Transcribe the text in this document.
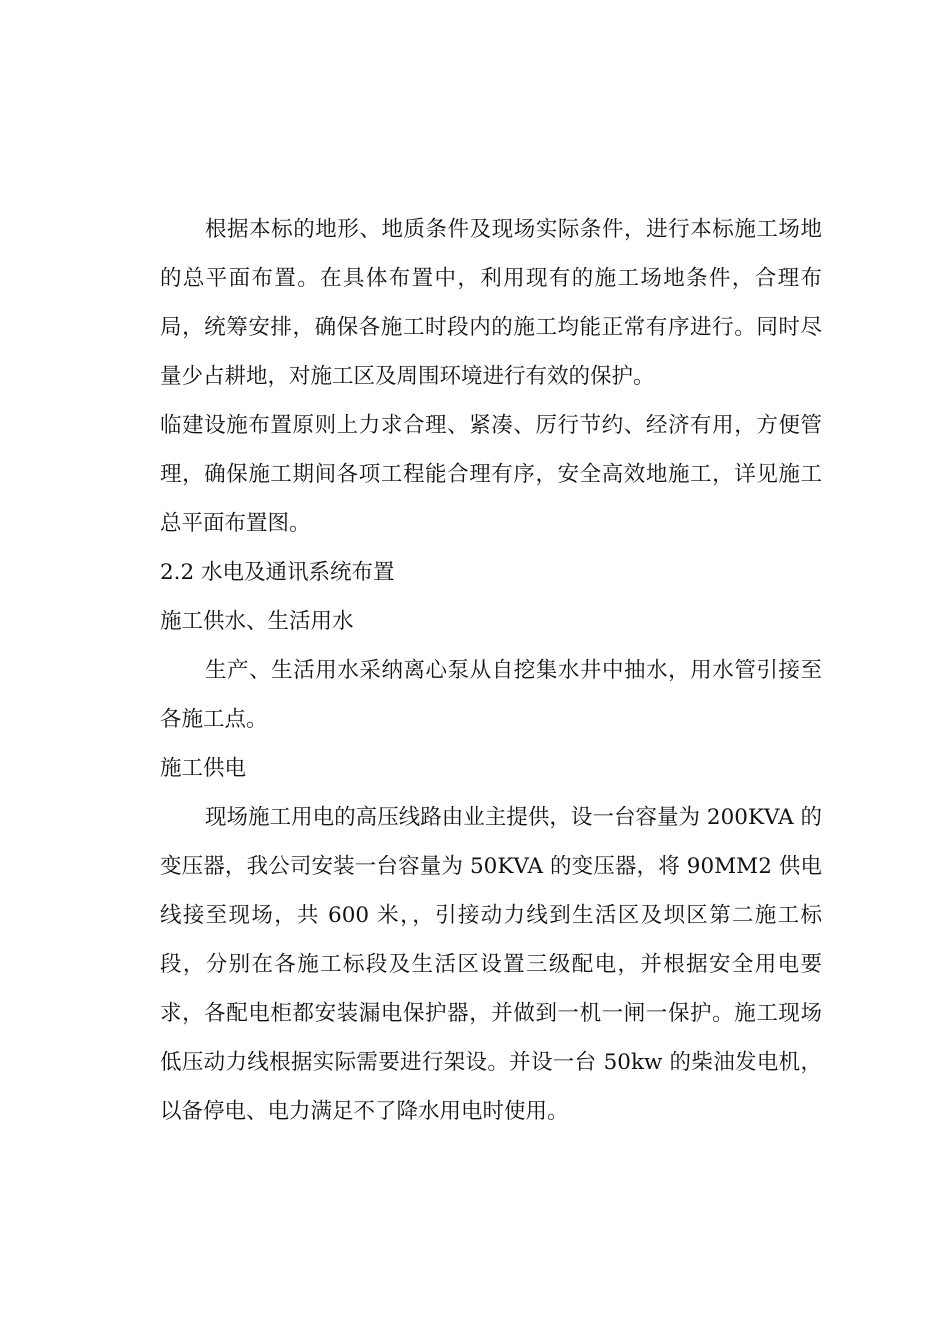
根据本标的地形、地质条件及现场实际条件，进行本标施工场地的总平面布置。在具体布置中，利用现有的施工场地条件，合理布局，统筹安排，确保各施工时段内的施工均能正常有序进行。同时尽量少占耕地，对施工区及周围环境进行有效的保护。

临建设施布置原则上力求合理、紧凑、厉行节约、经济有用，方便管理，确保施工期间各项工程能合理有序，安全高效地施工，详见施工总平面布置图。

2.2 水电及通讯系统布置

施工供水、生活用水

生产、生活用水采纳离心泵从自挖集水井中抽水，用水管引接至各施工点。

施工供电

现场施工用电的高压线路由业主提供，设一台容量为 200KVA 的变压器，我公司安装一台容量为 50KVA 的变压器，将 90MM2 供电线接至现场，共 600 米，，引接动力线到生活区及坝区第二施工标段，分别在各施工标段及生活区设置三级配电，并根据安全用电要求，各配电柜都安装漏电保护器，并做到一机一闸一保护。施工现场低压动力线根据实际需要进行架设。并设一台 50kw 的柴油发电机，以备停电、电力满足不了降水用电时使用。
